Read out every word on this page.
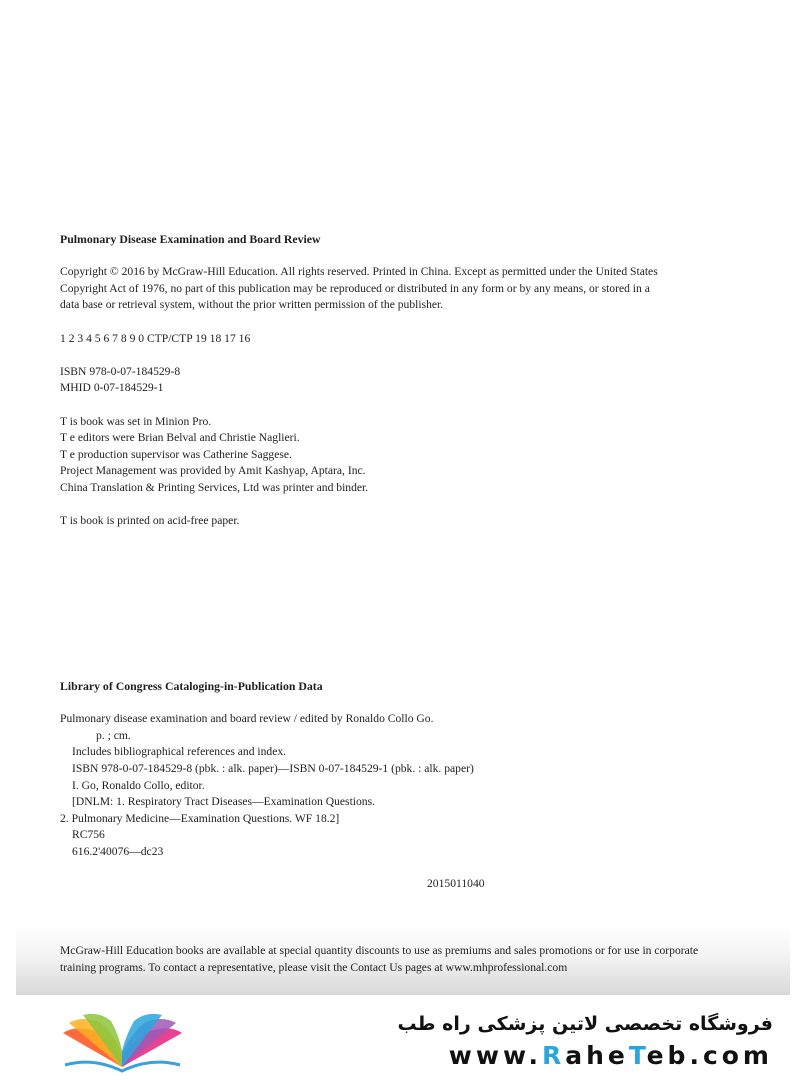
Pulmonary Disease Examination and Board Review
Copyright © 2016 by McGraw-Hill Education. All rights reserved. Printed in China. Except as permitted under the United States
Copyright Act of 1976, no part of this publication may be reproduced or distributed in any form or by any means, or stored in a
data base or retrieval system, without the prior written permission of the publisher.
1 2 3 4 5 6 7 8 9 0 CTP/CTP 19 18 17 16
ISBN 978-0-07-184529-8
MHID 0-07-184529-1
T is book was set in Minion Pro.
T e editors were Brian Belval and Christie Naglieri.
T e production supervisor was Catherine Saggese.
Project Management was provided by Amit Kashyap, Aptara, Inc.
China Translation & Printing Services, Ltd was printer and binder.
T is book is printed on acid-free paper.
Library of Congress Cataloging-in-Publication Data
Pulmonary disease examination and board review / edited by Ronaldo Collo Go.
p. ; cm.
Includes bibliographical references and index.
ISBN 978-0-07-184529-8 (pbk. : alk. paper)—ISBN 0-07-184529-1 (pbk. : alk. paper)
I. Go, Ronaldo Collo, editor.
[DNLM: 1. Respiratory Tract Diseases—Examination Questions.
2. Pulmonary Medicine—Examination Questions. WF 18.2]
RC756
616.2'40076—dc23
2015011040
McGraw-Hill Education books are available at special quantity discounts to use as premiums and sales promotions or for use in corporate
training programs. To contact a representative, please visit the Contact Us pages at www.mhprofessional.com
فروشگاه تخصصی لاتین پزشکی راه طب
www.RaheTeb.com
